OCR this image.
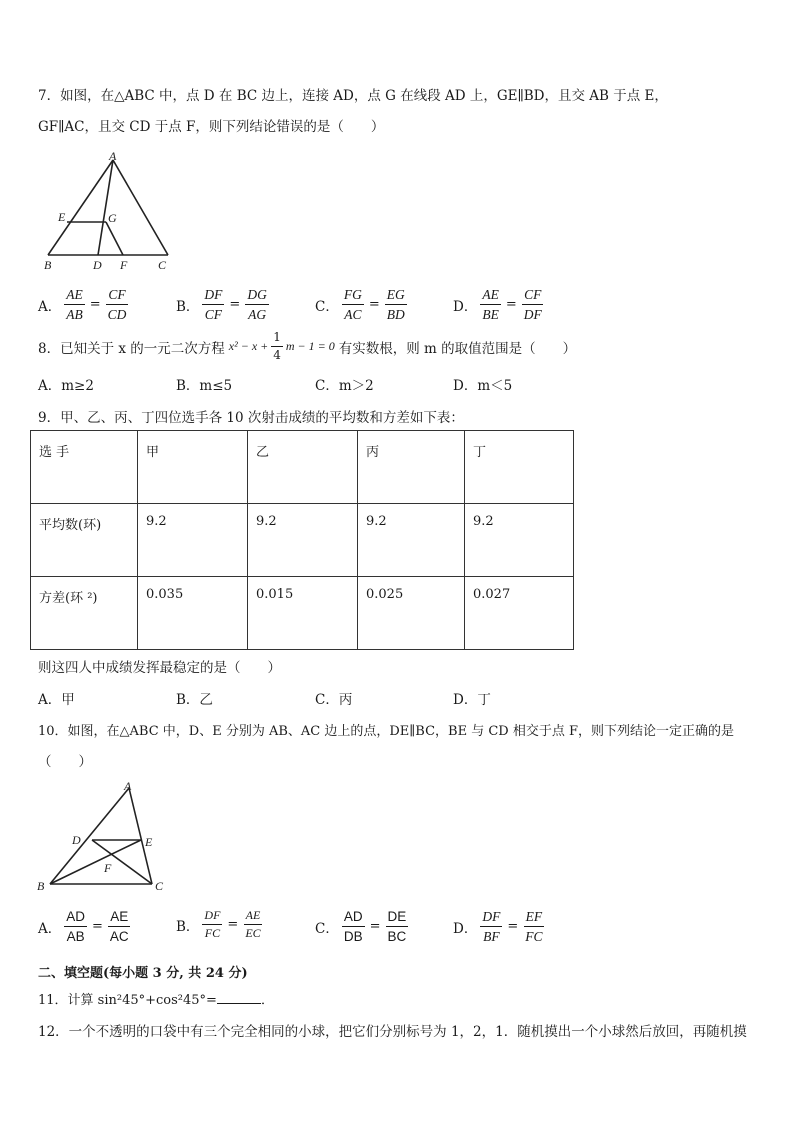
7．如图，在△ABC 中，点 D 在 BC 边上，连接 AD，点 G 在线段 AD 上，GE∥BD，且交 AB 于点 E，
GF∥AC，且交 CD 于点 F，则下列结论错误的是（　　）
A
E	G
B	D F	C
A． $\frac{AE}{AB} = \frac{CF}{CD}$	B． $\frac{DF}{CF} = \frac{DG}{AG}$	C． $\frac{FG}{AC} = \frac{EG}{BD}$	D． $\frac{AE}{BE} = \frac{CF}{DF}$
8．已知关于 x 的一元二次方程 $x^2 - x + \frac{1}{4}$ m − 1 = 0 有实数根，则 m 的取值范围是（　　）
A．m≥2	B．m≤5	C．m＞2	D．m＜5
9．甲、乙、丙、丁四位选手各 10 次射击成绩的平均数和方差如下表：
选 手	甲	乙	丙	丁
平均数(环)	9.2	9.2	9.2	9.2
方差(环 ²)	0.035	0.015	0.025	0.027
则这四人中成绩发挥最稳定的是（　　）
A．甲	B．乙	C．丙	D．丁
10．如图，在△ABC 中，D、E 分别为 AB、AC 边上的点，DE∥BC，BE 与 CD 相交于点 F，则下列结论一定正确的是
（　　）
A
D	E
F
B	C
A． $\frac{AD}{AB} = \frac{AE}{AC}$	B． $\frac{DF}{FC} = \frac{AE}{EC}$	C． $\frac{AD}{DB} = \frac{DE}{BC}$	D． $\frac{DF}{BF} = \frac{EF}{FC}$
二、填空题(每小题 3 分, 共 24 分)
11．计算 sin²45°+cos²45°=	．
12．一个不透明的口袋中有三个完全相同的小球，把它们分别标号为 1，2，1．随机摸出一个小球然后放回，再随机摸
